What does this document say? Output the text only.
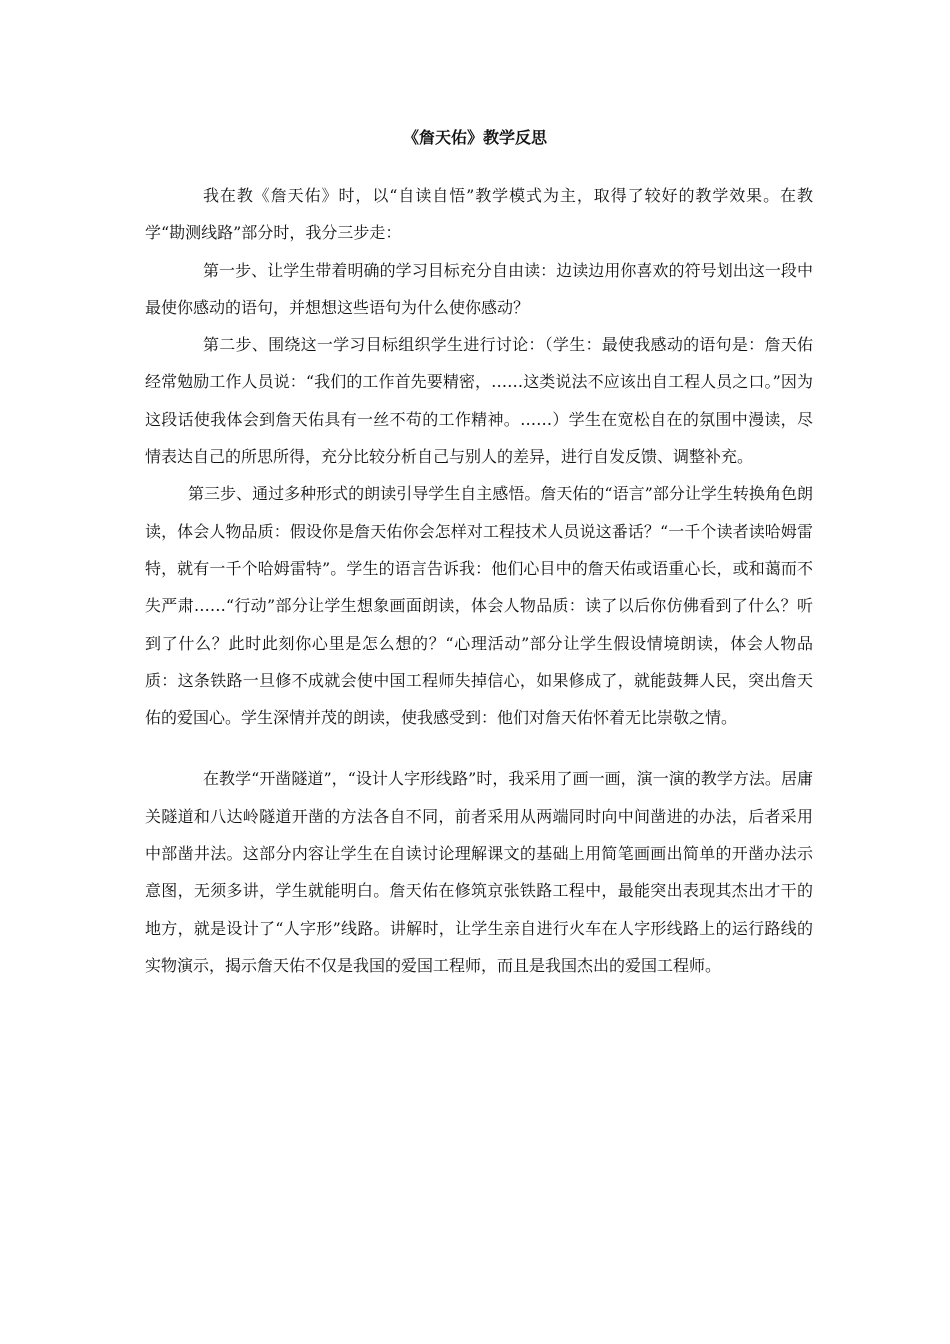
《詹天佑》教学反思

我在教《詹天佑》时，以“自读自悟”教学模式为主，取得了较好的教学效果。在教学“勘测线路”部分时，我分三步走：

第一步、让学生带着明确的学习目标充分自由读：边读边用你喜欢的符号划出这一段中最使你感动的语句，并想想这些语句为什么使你感动？

第二步、围绕这一学习目标组织学生进行讨论：（学生：最使我感动的语句是：詹天佑经常勉励工作人员说：“我们的工作首先要精密，……这类说法不应该出自工程人员之口。”因为这段话使我体会到詹天佑具有一丝不苟的工作精神。……）学生在宽松自在的氛围中漫读，尽情表达自己的所思所得，充分比较分析自己与别人的差异，进行自发反馈、调整补充。

第三步、通过多种形式的朗读引导学生自主感悟。詹天佑的“语言”部分让学生转换角色朗读，体会人物品质：假设你是詹天佑你会怎样对工程技术人员说这番话？“一千个读者读哈姆雷特，就有一千个哈姆雷特”。学生的语言告诉我：他们心目中的詹天佑或语重心长，或和蔼而不失严肃……“行动”部分让学生想象画面朗读，体会人物品质：读了以后你仿佛看到了什么？听到了什么？此时此刻你心里是怎么想的？“心理活动”部分让学生假设情境朗读，体会人物品质：这条铁路一旦修不成就会使中国工程师失掉信心，如果修成了，就能鼓舞人民，突出詹天佑的爱国心。学生深情并茂的朗读，使我感受到：他们对詹天佑怀着无比崇敬之情。

在教学“开凿隧道”，“设计人字形线路”时，我采用了画一画，演一演的教学方法。居庸关隧道和八达岭隧道开凿的方法各自不同，前者采用从两端同时向中间凿进的办法，后者采用中部凿井法。这部分内容让学生在自读讨论理解课文的基础上用简笔画画出简单的开凿办法示意图，无须多讲，学生就能明白。詹天佑在修筑京张铁路工程中，最能突出表现其杰出才干的地方，就是设计了“人字形”线路。讲解时，让学生亲自进行火车在人字形线路上的运行路线的实物演示，揭示詹天佑不仅是我国的爱国工程师，而且是我国杰出的爱国工程师。
